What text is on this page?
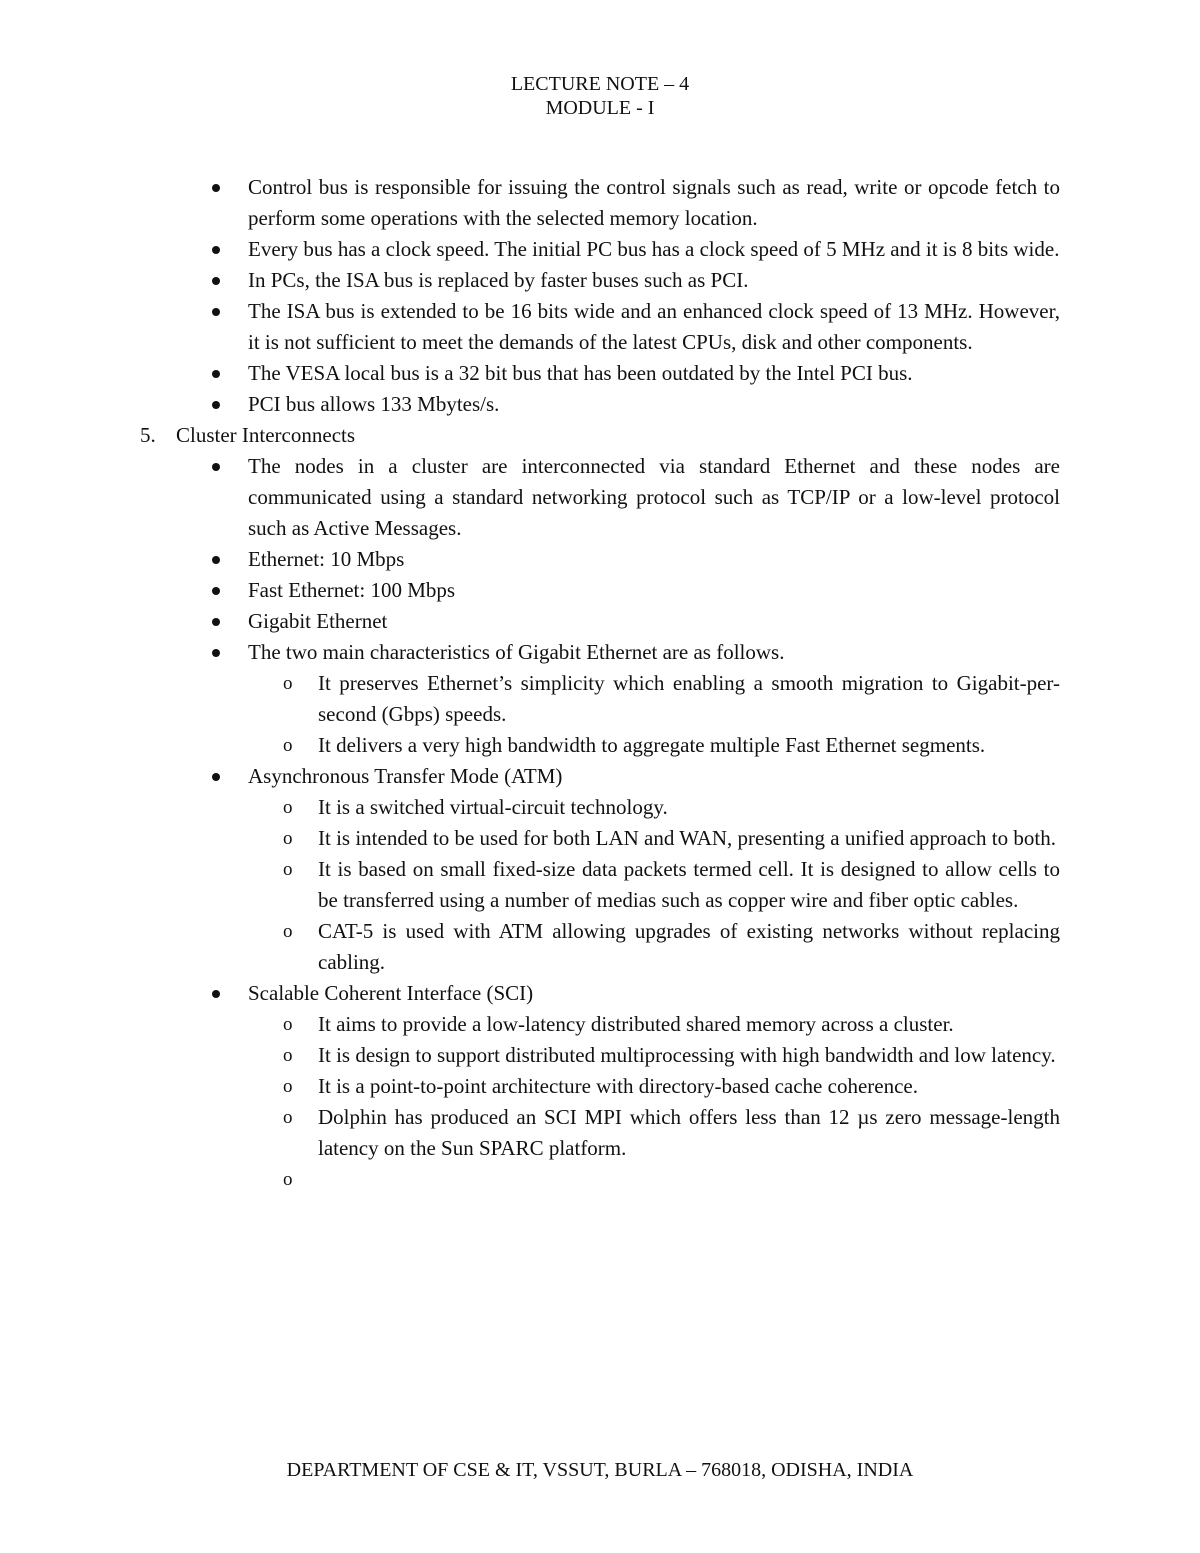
LECTURE NOTE – 4
MODULE - I
Control bus is responsible for issuing the control signals such as read, write or opcode fetch to perform some operations with the selected memory location.
Every bus has a clock speed. The initial PC bus has a clock speed of 5 MHz and it is 8 bits wide.
In PCs, the ISA bus is replaced by faster buses such as PCI.
The ISA bus is extended to be 16 bits wide and an enhanced clock speed of 13 MHz. However, it is not sufficient to meet the demands of the latest CPUs, disk and other components.
The VESA local bus is a 32 bit bus that has been outdated by the Intel PCI bus.
PCI bus allows 133 Mbytes/s.
5. Cluster Interconnects
The nodes in a cluster are interconnected via standard Ethernet and these nodes are communicated using a standard networking protocol such as TCP/IP or a low-level protocol such as Active Messages.
Ethernet: 10 Mbps
Fast Ethernet: 100 Mbps
Gigabit Ethernet
The two main characteristics of Gigabit Ethernet are as follows.
o	It preserves Ethernet’s simplicity which enabling a smooth migration to Gigabit-per-second (Gbps) speeds.
o	It delivers a very high bandwidth to aggregate multiple Fast Ethernet segments.
Asynchronous Transfer Mode (ATM)
o	It is a switched virtual-circuit technology.
o	It is intended to be used for both LAN and WAN, presenting a unified approach to both.
o	It is based on small fixed-size data packets termed cell. It is designed to allow cells to be transferred using a number of medias such as copper wire and fiber optic cables.
o	CAT-5 is used with ATM allowing upgrades of existing networks without replacing cabling.
Scalable Coherent Interface (SCI)
o	It aims to provide a low-latency distributed shared memory across a cluster.
o	It is design to support distributed multiprocessing with high bandwidth and low latency.
o	It is a point-to-point architecture with directory-based cache coherence.
o	Dolphin has produced an SCI MPI which offers less than 12 µs zero message-length latency on the Sun SPARC platform.
o
DEPARTMENT OF CSE & IT, VSSUT, BURLA – 768018, ODISHA, INDIA
